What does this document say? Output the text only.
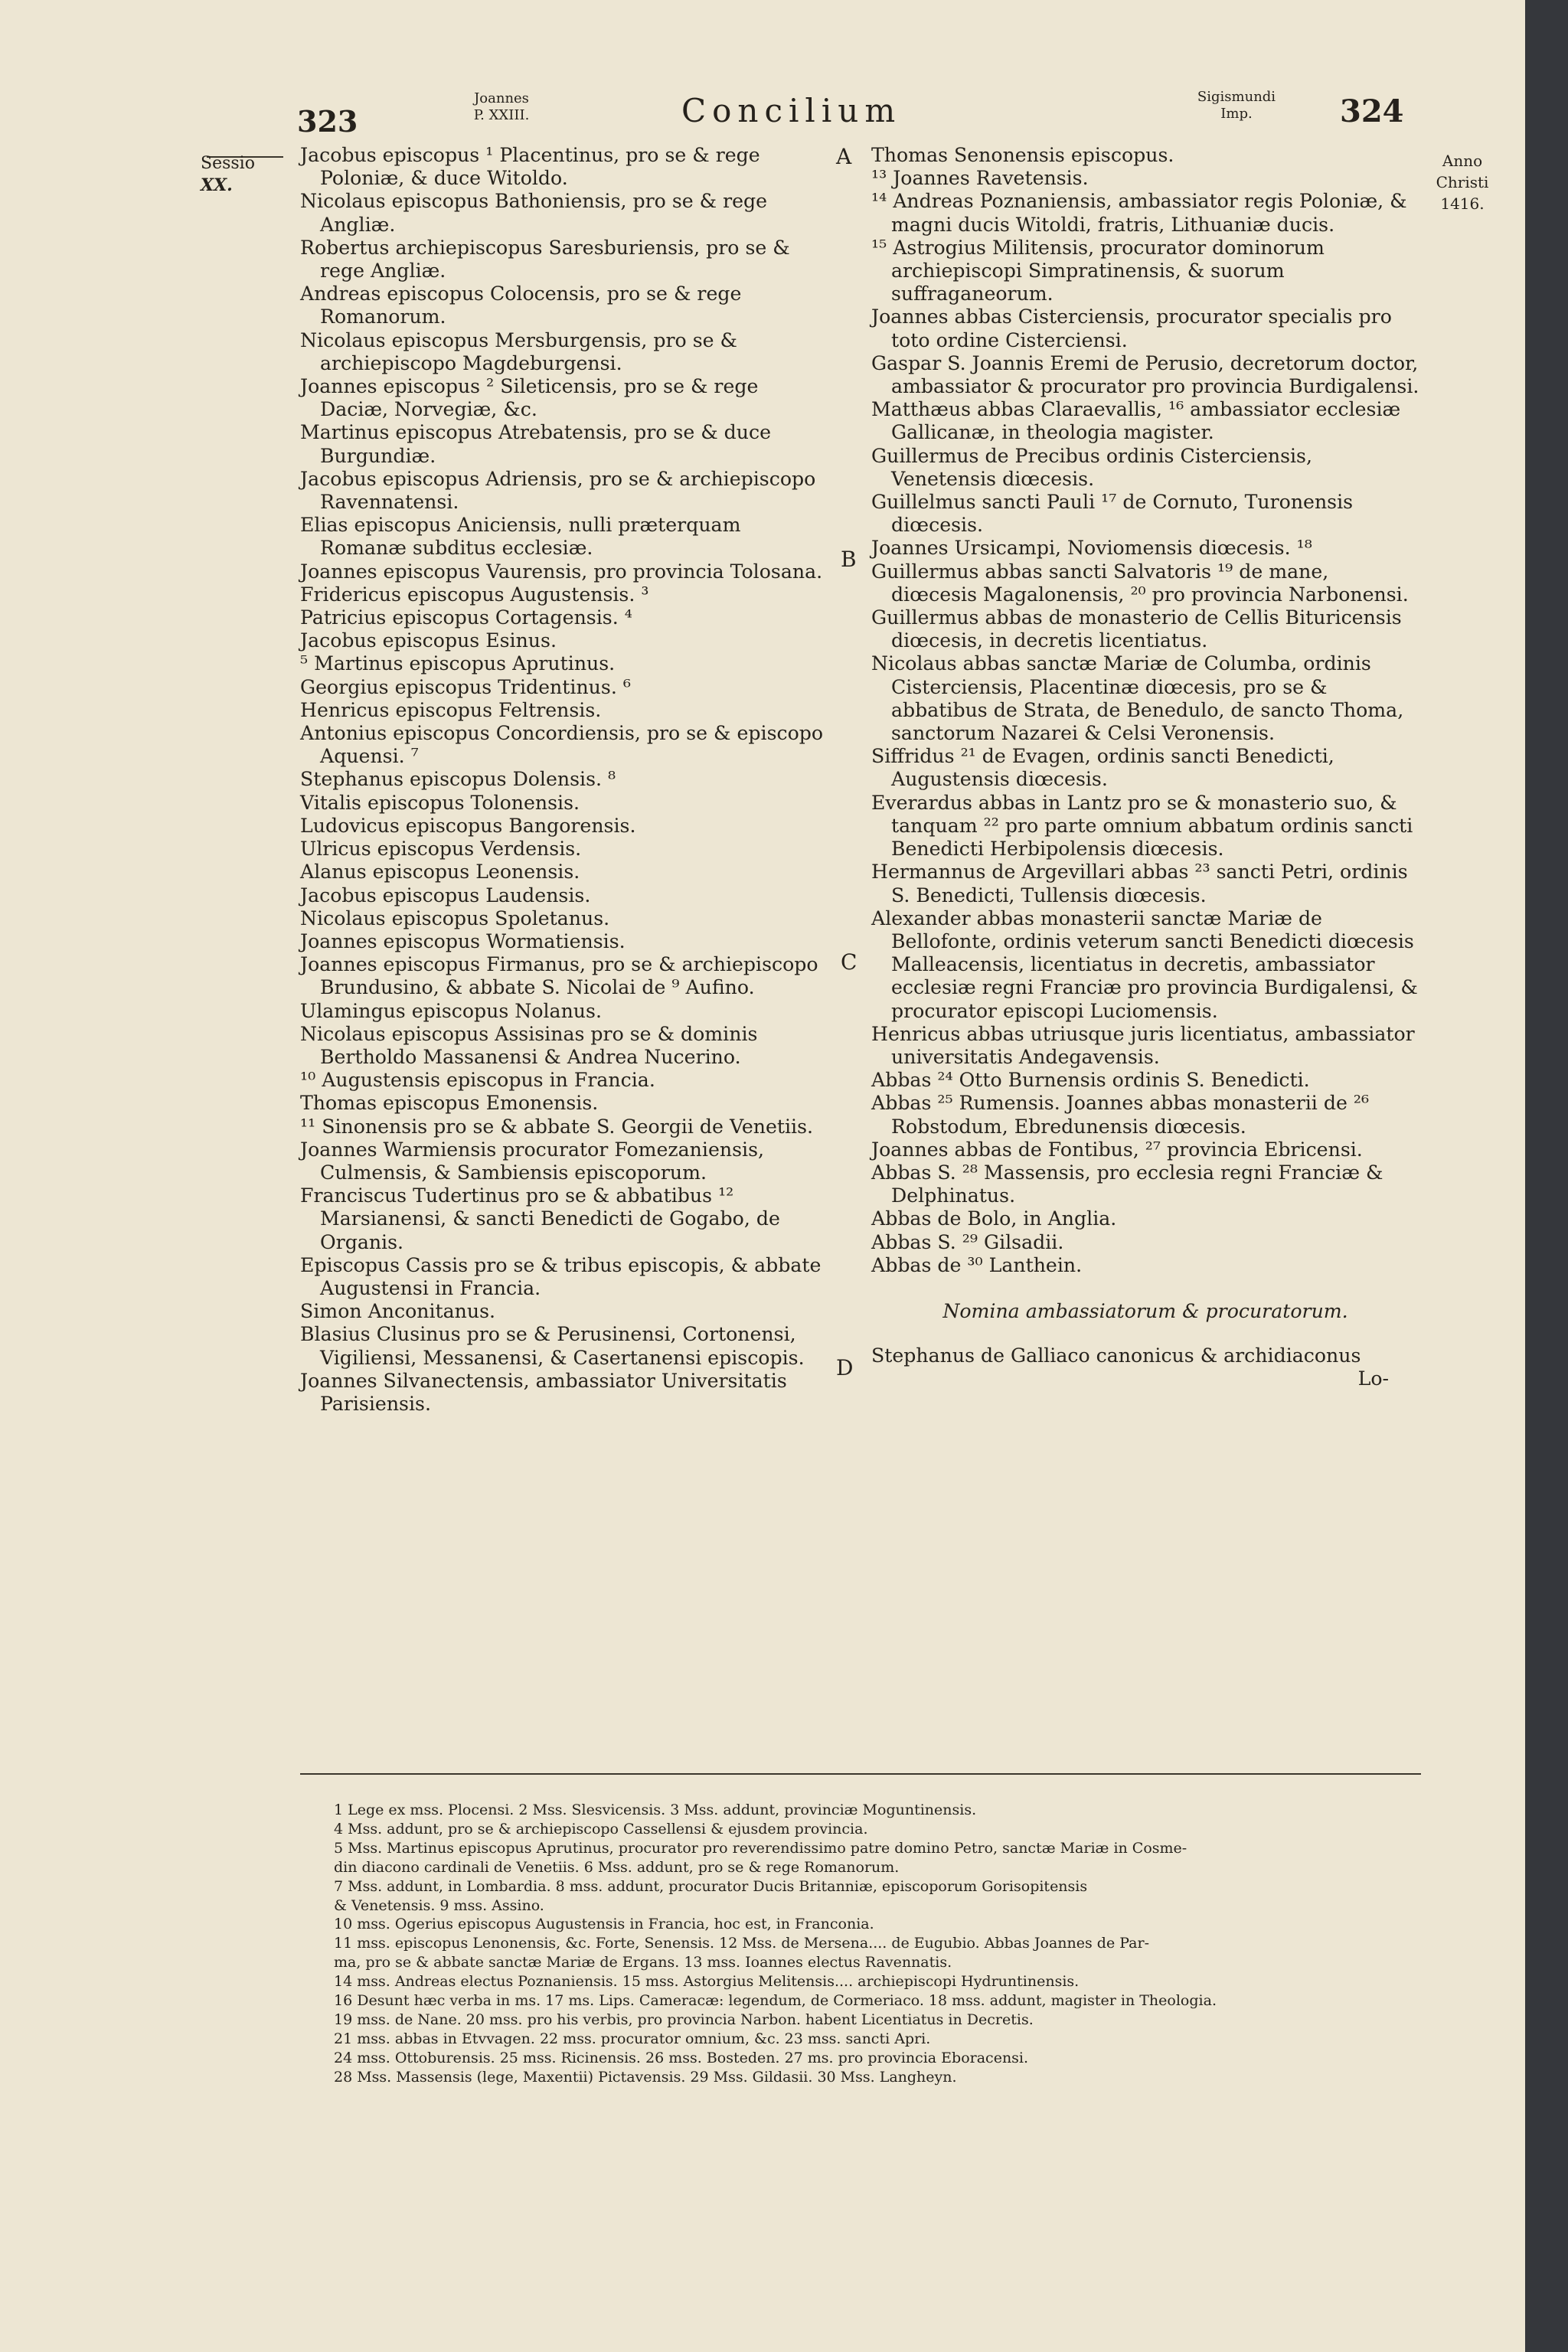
323
Joannes
P. XXIII.	Concilium	Sigismundi
Imp.	324
Sessio
XX.
Anno
Christi
1416.
A
B
C
D

Jacobus episcopus ¹ Placentinus, pro se & rege Poloniæ, & duce Witoldo.

Nicolaus episcopus Bathoniensis, pro se & rege Angliæ.

Robertus archiepiscopus Saresburiensis, pro se & rege Angliæ.

Andreas episcopus Colocensis, pro se & rege Romanorum.

Nicolaus episcopus Mersburgensis, pro se & archiepiscopo Magdeburgensi.

Joannes episcopus ² Sileticensis, pro se & rege Daciæ, Norvegiæ, &c.

Martinus episcopus Atrebatensis, pro se & duce Burgundiæ.

Jacobus episcopus Adriensis, pro se & archiepiscopo Ravennatensi.

Elias episcopus Aniciensis, nulli præterquam Romanæ subditus ecclesiæ.

Joannes episcopus Vaurensis, pro provincia Tolosana.

Fridericus episcopus Augustensis. ³

Patricius episcopus Cortagensis. ⁴

Jacobus episcopus Esinus.

⁵ Martinus episcopus Aprutinus.

Georgius episcopus Tridentinus. ⁶

Henricus episcopus Feltrensis.

Antonius episcopus Concordiensis, pro se & episcopo Aquensi. ⁷

Stephanus episcopus Dolensis. ⁸

Vitalis episcopus Tolonensis.

Ludovicus episcopus Bangorensis.

Ulricus episcopus Verdensis.

Alanus episcopus Leonensis.

Jacobus episcopus Laudensis.

Nicolaus episcopus Spoletanus.

Joannes episcopus Wormatiensis.

Joannes episcopus Firmanus, pro se & archiepiscopo Brundusino, & abbate S. Nicolai de ⁹ Aufino.

Ulamingus episcopus Nolanus.

Nicolaus episcopus Assisinas pro se & dominis Bertholdo Massanensi & Andrea Nucerino.

¹⁰ Augustensis episcopus in Francia.

Thomas episcopus Emonensis.

¹¹ Sinonensis pro se & abbate S. Georgii de Venetiis.

Joannes Warmiensis procurator Fomezaniensis, Culmensis, & Sambiensis episcoporum.

Franciscus Tudertinus pro se & abbatibus ¹² Marsianensi, & sancti Benedicti de Gogabo, de Organis.

Episcopus Cassis pro se & tribus episcopis, & abbate Augustensi in Francia.

Simon Anconitanus.

Blasius Clusinus pro se & Perusinensi, Cortonensi, Vigiliensi, Messanensi, & Casertanensi episcopis.

Joannes Silvanectensis, ambassiator Universitatis Parisiensis.

Thomas Senonensis episcopus.

¹³ Joannes Ravetensis.

¹⁴ Andreas Poznaniensis, ambassiator regis Poloniæ, & magni ducis Witoldi, fratris, Lithuaniæ ducis.

¹⁵ Astrogius Militensis, procurator dominorum archiepiscopi Simpratinensis, & suorum suffraganeorum.

Joannes abbas Cisterciensis, procurator specialis pro toto ordine Cisterciensi.

Gaspar S. Joannis Eremi de Perusio, decretorum doctor, ambassiator & procurator pro provincia Burdigalensi.

Matthæus abbas Claraevallis, ¹⁶ ambassiator ecclesiæ Gallicanæ, in theologia magister.

Guillermus de Precibus ordinis Cisterciensis, Venetensis diœcesis.

Guillelmus sancti Pauli ¹⁷ de Cornuto, Turonensis diœcesis.

Joannes Ursicampi, Noviomensis diœcesis. ¹⁸

Guillermus abbas sancti Salvatoris ¹⁹ de mane, diœcesis Magalonensis, ²⁰ pro provincia Narbonensi.

Guillermus abbas de monasterio de Cellis Bituricensis diœcesis, in decretis licentiatus.

Nicolaus abbas sanctæ Mariæ de Columba, ordinis Cisterciensis, Placentinæ diœcesis, pro se & abbatibus de Strata, de Benedulo, de sancto Thoma, sanctorum Nazarei & Celsi Veronensis.

Siffridus ²¹ de Evagen, ordinis sancti Benedicti, Augustensis diœcesis.

Everardus abbas in Lantz pro se & monasterio suo, & tanquam ²² pro parte omnium abbatum ordinis sancti Benedicti Herbipolensis diœcesis.

Hermannus de Argevillari abbas ²³ sancti Petri, ordinis S. Benedicti, Tullensis diœcesis.

Alexander abbas monasterii sanctæ Mariæ de Bellofonte, ordinis veterum sancti Benedicti diœcesis Malleacensis, licentiatus in decretis, ambassiator ecclesiæ regni Franciæ pro provincia Burdigalensi, & procurator episcopi Luciomensis.

Henricus abbas utriusque juris licentiatus, ambassiator universitatis Andegavensis.

Abbas ²⁴ Otto Burnensis ordinis S. Benedicti.

Abbas ²⁵ Rumensis. Joannes abbas monasterii de ²⁶ Robstodum, Ebredunensis diœcesis.

Joannes abbas de Fontibus, ²⁷ provincia Ebricensi.

Abbas S. ²⁸ Massensis, pro ecclesia regni Franciæ & Delphinatus.

Abbas de Bolo, in Anglia.

Abbas S. ²⁹ Gilsadii.

Abbas de ³⁰ Lanthein.

Nomina ambassiatorum & procuratorum.

Stephanus de Galliaco canonicus & archidiaconus

Lo-

1 Lege ex mss. Plocensi. 2 Mss. Slesvicensis. 3 Mss. addunt, provinciæ Moguntinensis.
4 Mss. addunt, pro se & archiepiscopo Cassellensi & ejusdem provincia.
5 Mss. Martinus episcopus Aprutinus, procurator pro reverendissimo patre domino Petro, sanctæ Mariæ in Cosme-
din diacono cardinali de Venetiis. 6 Mss. addunt, pro se & rege Romanorum.
7 Mss. addunt, in Lombardia. 8 mss. addunt, procurator Ducis Britanniæ, episcoporum Gorisopitensis
& Venetensis. 9 mss. Assino.
10 mss. Ogerius episcopus Augustensis in Francia, hoc est, in Franconia.
11 mss. episcopus Lenonensis, &c. Forte, Senensis. 12 Mss. de Mersena.... de Eugubio. Abbas Joannes de Par-
ma, pro se & abbate sanctæ Mariæ de Ergans. 13 mss. Ioannes electus Ravennatis.
14 mss. Andreas electus Poznaniensis. 15 mss. Astorgius Melitensis.... archiepiscopi Hydruntinensis.
16 Desunt hæc verba in ms. 17 ms. Lips. Cameracæ: legendum, de Cormeriaco. 18 mss. addunt, magister in Theologia.
19 mss. de Nane. 20 mss. pro his verbis, pro provincia Narbon. habent Licentiatus in Decretis.
21 mss. abbas in Etvvagen. 22 mss. procurator omnium, &c. 23 mss. sancti Apri.
24 mss. Ottoburensis. 25 mss. Ricinensis. 26 mss. Bosteden. 27 ms. pro provincia Eboracensi.
28 Mss. Massensis (lege, Maxentii) Pictavensis. 29 Mss. Gildasii. 30 Mss. Langheyn.
